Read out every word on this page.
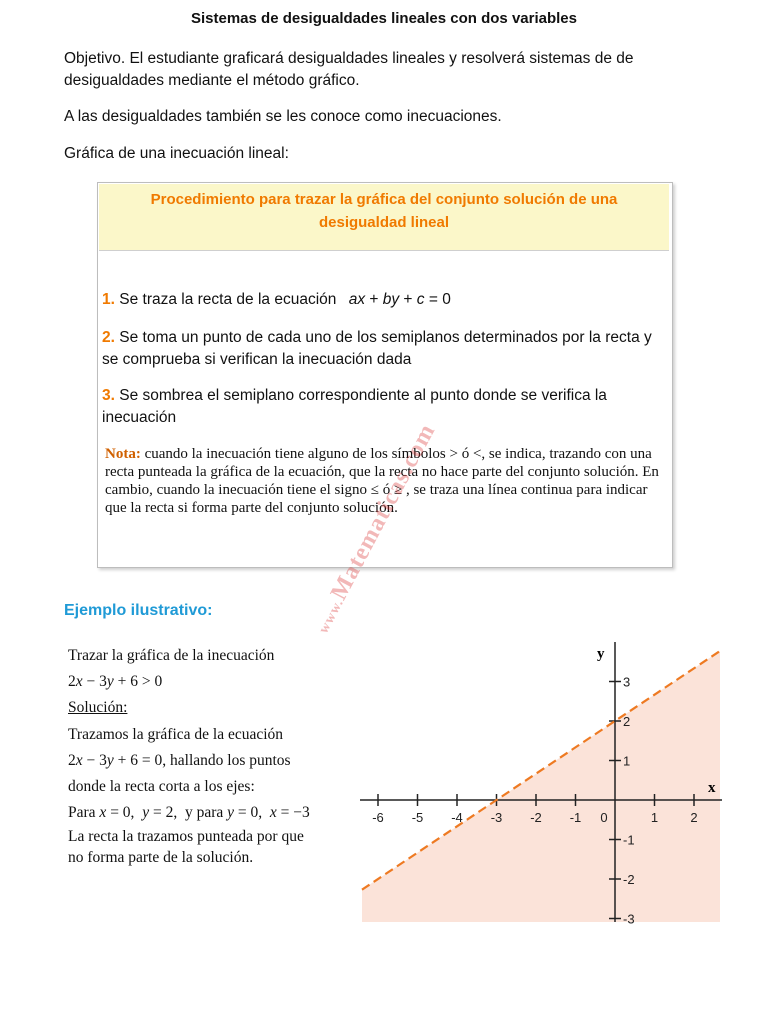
Sistemas de desigualdades lineales con dos variables
Objetivo. El estudiante graficará desigualdades lineales y resolverá sistemas de de desigualdades mediante el método gráfico.
A las desigualdades también se les conoce como inecuaciones.
Gráfica de una inecuación lineal:
Procedimiento para trazar la gráfica del conjunto solución de una desigualdad lineal
1. Se traza la recta de la ecuación ax + by + c = 0
2. Se toma un punto de cada uno de los semiplanos determinados por la recta y se comprueba si verifican la inecuación dada
3. Se sombrea el semiplano correspondiente al punto donde se verifica la inecuación
Nota: cuando la inecuación tiene alguno de los símbolos > ó <, se indica, trazando con una recta punteada la gráfica de la ecuación, que la recta no hace parte del conjunto solución. En cambio, cuando la inecuación tiene el signo ≤ ó ≥ , se traza una línea continua para indicar que la recta si forma parte del conjunto solución.
Ejemplo ilustrativo:
Trazar la gráfica de la inecuación
2x − 3y + 6 > 0
Solución:
Trazamos la gráfica de la ecuación
2x − 3y + 6 = 0, hallando los puntos
donde la recta corta a los ejes:
Para x = 0,  y = 2,  y para y = 0,  x = −3
La recta la trazamos punteada por que
no forma parte de la solución.
-6 -5 -4 -3 -2 -1 0	1 2
3
2
1
-1
-2
-3
x
y
www.Matematicas.com
